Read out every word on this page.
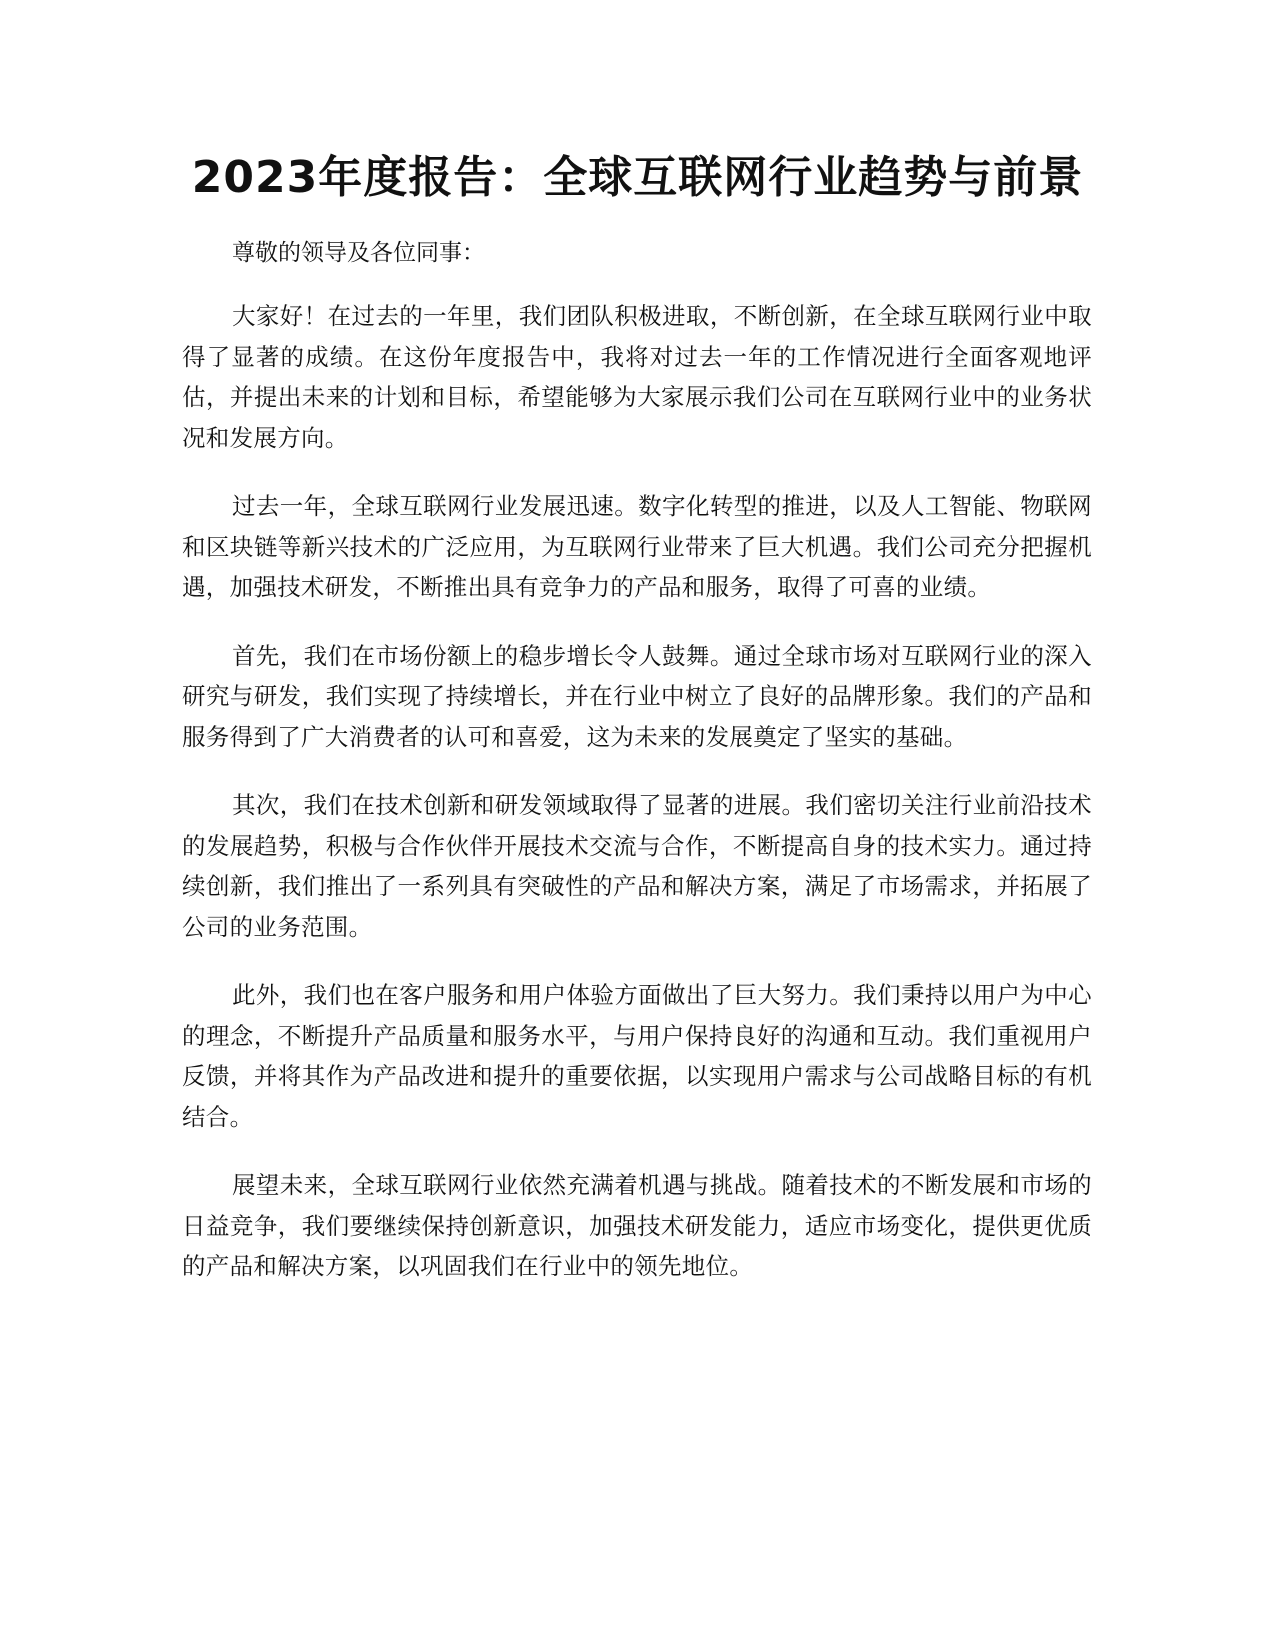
2023年度报告：全球互联网行业趋势与前景

尊敬的领导及各位同事：

大家好！在过去的一年里，我们团队积极进取，不断创新，在全球互联网行业中取得了显著的成绩。在这份年度报告中，我将对过去一年的工作情况进行全面客观地评估，并提出未来的计划和目标，希望能够为大家展示我们公司在互联网行业中的业务状况和发展方向。

过去一年，全球互联网行业发展迅速。数字化转型的推进，以及人工智能、物联网和区块链等新兴技术的广泛应用，为互联网行业带来了巨大机遇。我们公司充分把握机遇，加强技术研发，不断推出具有竞争力的产品和服务，取得了可喜的业绩。

首先，我们在市场份额上的稳步增长令人鼓舞。通过全球市场对互联网行业的深入研究与研发，我们实现了持续增长，并在行业中树立了良好的品牌形象。我们的产品和服务得到了广大消费者的认可和喜爱，这为未来的发展奠定了坚实的基础。

其次，我们在技术创新和研发领域取得了显著的进展。我们密切关注行业前沿技术的发展趋势，积极与合作伙伴开展技术交流与合作，不断提高自身的技术实力。通过持续创新，我们推出了一系列具有突破性的产品和解决方案，满足了市场需求，并拓展了公司的业务范围。

此外，我们也在客户服务和用户体验方面做出了巨大努力。我们秉持以用户为中心的理念，不断提升产品质量和服务水平，与用户保持良好的沟通和互动。我们重视用户反馈，并将其作为产品改进和提升的重要依据，以实现用户需求与公司战略目标的有机结合。

展望未来，全球互联网行业依然充满着机遇与挑战。随着技术的不断发展和市场的日益竞争，我们要继续保持创新意识，加强技术研发能力，适应市场变化，提供更优质的产品和解决方案，以巩固我们在行业中的领先地位。
